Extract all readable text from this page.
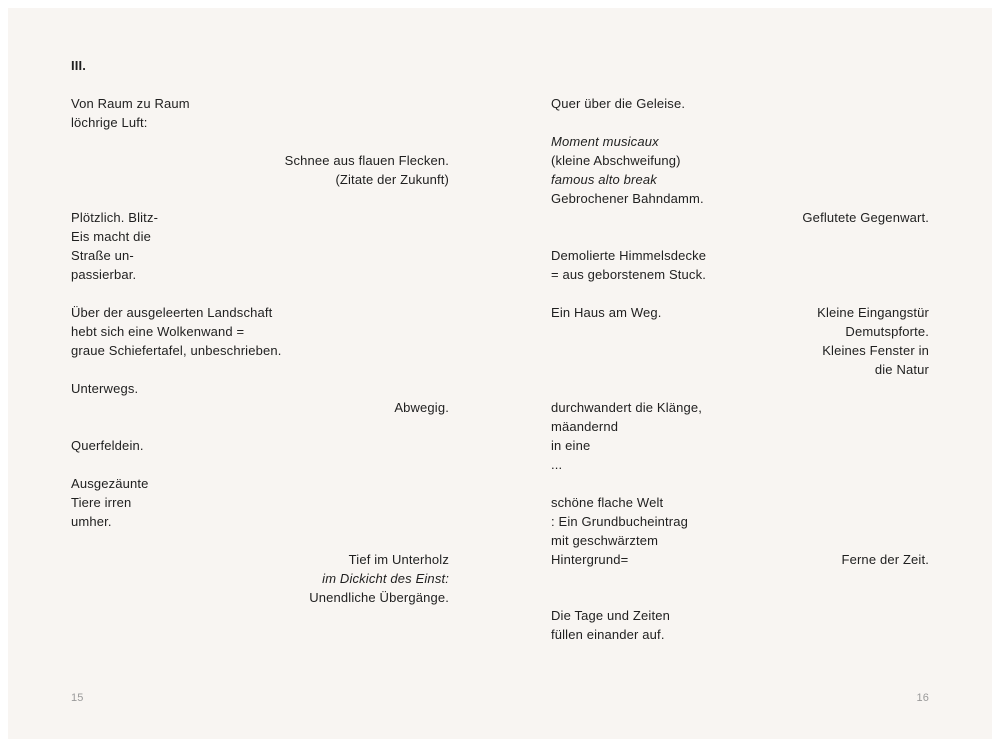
III.
Von Raum zu Raum
löchrige Luft:
Schnee aus flauen Flecken.
(Zitate der Zukunft)
Plötzlich. Blitz-
Eis macht die
Straße un-
passierbar.
Über der ausgeleerten Landschaft
hebt sich eine Wolkenwand =
graue Schiefertafel, unbeschrieben.
Unterwegs.
Abwegig.
Querfeldein.
Ausgezäunte
Tiere irren
umher.
Tief im Unterholz
im Dickicht des Einst:
Unendliche Übergänge.
15
Quer über die Geleise.
Moment musicaux
(kleine Abschweifung)
famous alto break
Gebrochener Bahndamm.
Geflutete Gegenwart.
Demolierte Himmelsdecke
= aus geborstenem Stuck.
Ein Haus am Weg.	Kleine Eingangstür
Demutspforte.
Kleines Fenster in
die Natur
durchwandert die Klänge,
mäandernd
in eine
...
schöne flache Welt
: Ein Grundbucheintrag
mit geschwärztem
Hintergrund=	Ferne der Zeit.
Die Tage und Zeiten
füllen einander auf.
16
